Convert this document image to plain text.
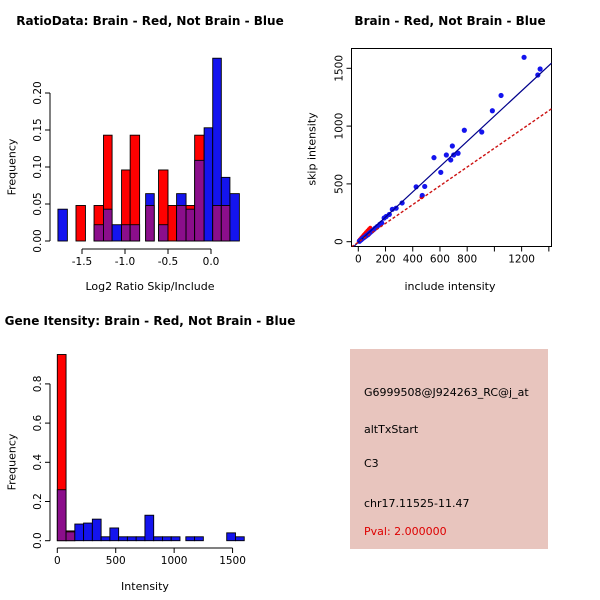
RatioData: Brain - Red, Not Brain - Blue
-1.5 -1.0 -0.5 0.0
0.00
0.05
0.10
0.15
0.20
Log2 Ratio Skip/Include
Frequency
Brain - Red, Not Brain - Blue
0 200 400 600 800	1200
0
500
1000
1500
include intensity
skip intensity
Gene Itensity: Brain - Red, Not Brain - Blue
0	500	1000	1500
0.0
0.2
0.4
0.6
0.8
Intensity
Frequency
G6999508@J924263_RC@j_at
altTxStart
C3
chr17.11525-11.47
Pval: 2.000000
